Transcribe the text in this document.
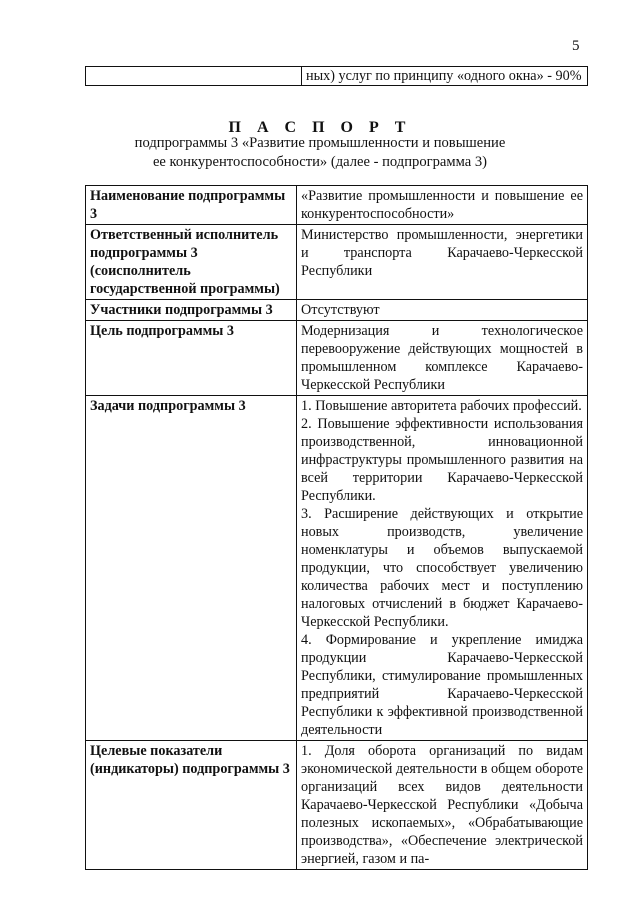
5
	ных) услуг по принципу «одного окна» - 90%
П А С П О Р Т
подпрограммы 3 «Развитие промышленности и повышение
ее конкурентоспособности» (далее - подпрограмма 3)
Наименование подпрограммы 3	«Развитие промышленности и повышение ее конкурентоспособности»
Ответственный исполнитель подпрограммы 3 (соисполнитель государственной программы)	Министерство промышленности, энергетики и транспорта Карачаево-Черкесской Республики
Участники подпрограммы 3	Отсутствуют
Цель подпрограммы 3	Модернизация и технологическое перевооружение действующих мощностей в промышленном комплексе Карачаево-Черкесской Республики
Задачи подпрограммы 3	1. Повышение авторитета рабочих профессий.

2. Повышение эффективности использования производственной, инновационной инфраструктуры промышленного развития на всей территории Карачаево-Черкесской Республики.

3. Расширение действующих и открытие новых производств, увеличение номенклатуры и объемов выпускаемой продукции, что способствует увеличению количества рабочих мест и поступлению налоговых отчислений в бюджет Карачаево-Черкесской Республики.

4. Формирование и укрепление имиджа продукции Карачаево-Черкесской Республики, стимулирование промышленных предприятий Карачаево-Черкесской Республики к эффективной производственной деятельности

Целевые показатели (индикаторы) подпрограммы 3	1. Доля оборота организаций по видам экономической деятельности в общем обороте организаций всех видов деятельности Карачаево-Черкесской Республики «Добыча полезных ископаемых», «Обрабатывающие производства», «Обеспечение электрической энергией, газом и па-
